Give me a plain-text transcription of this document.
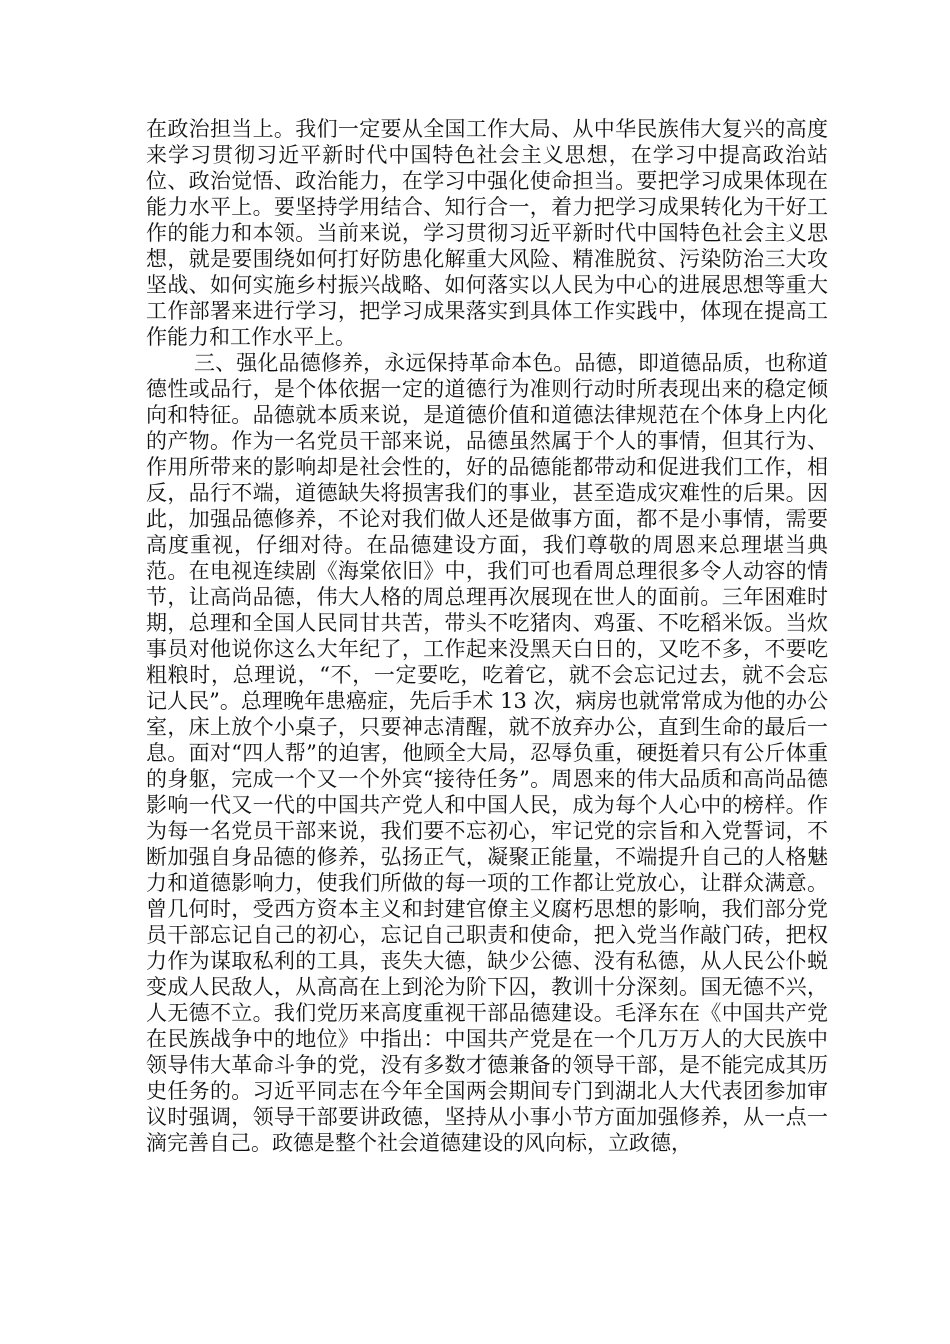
在政治担当上。我们一定要从全国工作大局、从中华民族伟大复兴的高度来学习贯彻习近平新时代中国特色社会主义思想，在学习中提高政治站位、政治觉悟、政治能力，在学习中强化使命担当。要把学习成果体现在能力水平上。要坚持学用结合、知行合一，着力把学习成果转化为干好工作的能力和本领。当前来说，学习贯彻习近平新时代中国特色社会主义思想，就是要围绕如何打好防患化解重大风险、精准脱贫、污染防治三大攻坚战、如何实施乡村振兴战略、如何落实以人民为中心的进展思想等重大工作部署来进行学习，把学习成果落实到具体工作实践中，体现在提高工作能力和工作水平上。

三、强化品德修养，永远保持革命本色。品德，即道德品质，也称道德性或品行，是个体依据一定的道德行为准则行动时所表现出来的稳定倾向和特征。品德就本质来说，是道德价值和道德法律规范在个体身上内化的产物。作为一名党员干部来说，品德虽然属于个人的事情，但其行为、作用所带来的影响却是社会性的，好的品德能都带动和促进我们工作，相反，品行不端，道德缺失将损害我们的事业，甚至造成灾难性的后果。因此，加强品德修养，不论对我们做人还是做事方面，都不是小事情，需要高度重视，仔细对待。在品德建设方面，我们尊敬的周恩来总理堪当典范。在电视连续剧《海棠依旧》中，我们可也看周总理很多令人动容的情节，让高尚品德，伟大人格的周总理再次展现在世人的面前。三年困难时期，总理和全国人民同甘共苦，带头不吃猪肉、鸡蛋、不吃稻米饭。当炊事员对他说你这么大年纪了，工作起来没黑天白日的，又吃不多，不要吃粗粮时，总理说，“不，一定要吃，吃着它，就不会忘记过去，就不会忘记人民”。总理晚年患癌症，先后手术 13 次，病房也就常常成为他的办公室，床上放个小桌子，只要神志清醒，就不放弃办公，直到生命的最后一息。面对“四人帮”的迫害，他顾全大局，忍辱负重，硬挺着只有公斤体重的身躯，完成一个又一个外宾“接待任务”。周恩来的伟大品质和高尚品德影响一代又一代的中国共产党人和中国人民，成为每个人心中的榜样。作为每一名党员干部来说，我们要不忘初心，牢记党的宗旨和入党誓词，不断加强自身品德的修养，弘扬正气，凝聚正能量，不端提升自己的人格魅力和道德影响力，使我们所做的每一项的工作都让党放心，让群众满意。曾几何时，受西方资本主义和封建官僚主义腐朽思想的影响，我们部分党员干部忘记自己的初心，忘记自己职责和使命，把入党当作敲门砖，把权力作为谋取私利的工具，丧失大德，缺少公德、没有私德，从人民公仆蜕变成人民敌人，从高高在上到沦为阶下囚，教训十分深刻。国无德不兴，人无德不立。我们党历来高度重视干部品德建设。毛泽东在《中国共产党在民族战争中的地位》中指出：中国共产党是在一个几万万人的大民族中领导伟大革命斗争的党，没有多数才德兼备的领导干部，是不能完成其历史任务的。习近平同志在今年全国两会期间专门到湖北人大代表团参加审议时强调，领导干部要讲政德，坚持从小事小节方面加强修养，从一点一滴完善自己。政德是整个社会道德建设的风向标，立政德，
